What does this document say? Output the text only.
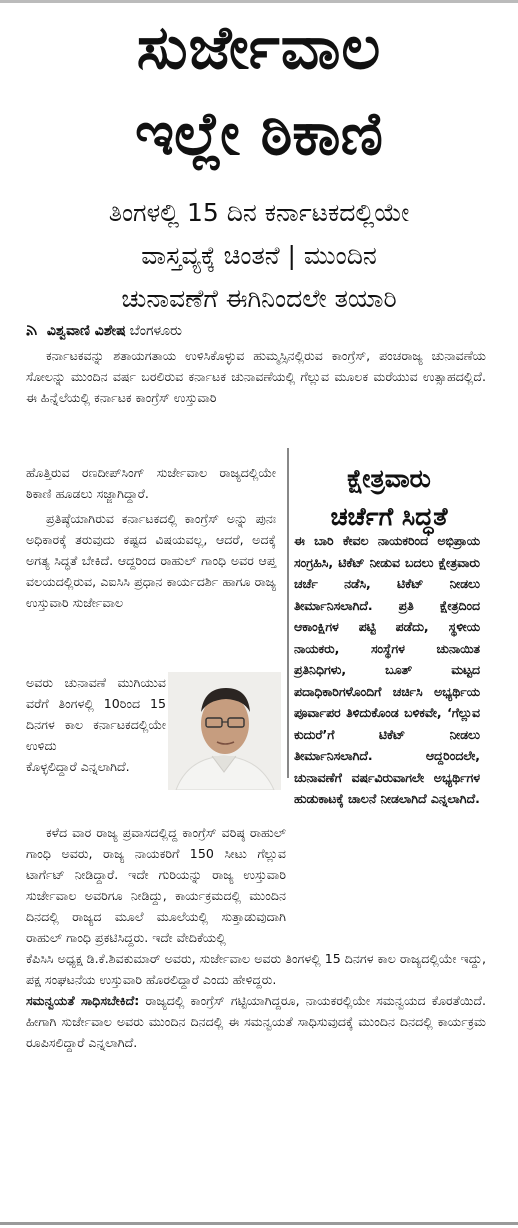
ಸುರ್ಜೇವಾಲ
ಇಲ್ಲೇ ಠಿಕಾಣಿ
ತಿಂಗಳಲ್ಲಿ 15 ದಿನ ಕರ್ನಾಟಕದಲ್ಲಿಯೇ
ವಾಸ್ತವ್ಯಕ್ಕೆ ಚಿಂತನೆ | ಮುಂದಿನ
ಚುನಾವಣೆಗೆ ಈಗಿನಿಂದಲೇ ತಯಾರಿ
ವಿಶ್ವವಾಣಿ ವಿಶೇಷ ಬೆಂಗಳೂರು

ಕರ್ನಾಟಕವನ್ನು ಶತಾಯಗತಾಯ ಉಳಿಸಿಕೊಳ್ಳುವ ಹುಮ್ಮಸ್ಸಿನಲ್ಲಿರುವ ಕಾಂಗ್ರೆಸ್, ಪಂಚರಾಜ್ಯ ಚುನಾವಣೆಯ ಸೋಲನ್ನು ಮುಂದಿನ ವರ್ಷ ಬರಲಿರುವ ಕರ್ನಾಟಕ ಚುನಾವಣೆಯಲ್ಲಿ ಗೆಲ್ಲುವ ಮೂಲಕ ಮರೆಯುವ ಉತ್ಸಾಹದಲ್ಲಿದೆ. ಈ ಹಿನ್ನೆಲೆಯಲ್ಲಿ ಕರ್ನಾಟಕ ಕಾಂಗ್ರೆಸ್ ಉಸ್ತುವಾರಿ

ಹೊತ್ತಿರುವ ರಣದೀಪ್‌ಸಿಂಗ್ ಸುರ್ಜೇವಾಲ ರಾಜ್ಯದಲ್ಲಿಯೇ ಠಿಕಾಣಿ ಹೂಡಲು ಸಜ್ಜಾಗಿದ್ದಾರೆ.

ಪ್ರತಿಷ್ಠೆಯಾಗಿರುವ ಕರ್ನಾಟಕದಲ್ಲಿ ಕಾಂಗ್ರೆಸ್ ಅನ್ನು ಪುನಃ ಅಧಿಕಾರಕ್ಕೆ ತರುವುದು ಕಷ್ಟದ ವಿಷಯವಲ್ಲ, ಆದರೆ, ಅದಕ್ಕೆ ಅಗತ್ಯ ಸಿದ್ಧತೆ ಬೇಕಿದೆ. ಆದ್ದರಿಂದ ರಾಹುಲ್ ಗಾಂಧಿ ಅವರ ಆಪ್ತ ವಲಯದಲ್ಲಿರುವ, ಎಐಸಿಸಿ ಪ್ರಧಾನ ಕಾರ್ಯದರ್ಶಿ ಹಾಗೂ ರಾಜ್ಯ ಉಸ್ತುವಾರಿ ಸುರ್ಜೇವಾಲ

ಅವರು ಚುನಾವಣೆ ಮುಗಿಯುವ ವರೆಗೆ ತಿಂಗಳಲ್ಲಿ 10ರಿಂದ 15 ದಿನಗಳ ಕಾಲ ಕರ್ನಾಟಕದಲ್ಲಿಯೇ ಉಳಿದು

ಕೊಳ್ಳಲಿದ್ದಾರೆ ಎನ್ನಲಾಗಿದೆ.

ಕ್ಷೇತ್ರವಾರು
ಚರ್ಚೆಗೆ ಸಿದ್ಧತೆ
ಈ ಬಾರಿ ಕೇವಲ ನಾಯಕರಿಂದ ಅಭಿಪ್ರಾಯ ಸಂಗ್ರಹಿಸಿ, ಟಿಕೆಟ್ ನೀಡುವ ಬದಲು ಕ್ಷೇತ್ರವಾರು ಚರ್ಚೆ ನಡೆಸಿ, ಟಿಕೆಟ್ ನೀಡಲು ತೀರ್ಮಾನಿಸಲಾಗಿದೆ. ಪ್ರತಿ ಕ್ಷೇತ್ರದಿಂದ ಆಕಾಂಕ್ಷಿಗಳ ಪಟ್ಟಿ ಪಡೆದು, ಸ್ಥಳೀಯ ನಾಯಕರು, ಸಂಸ್ಥೆಗಳ ಚುನಾಯಿತ ಪ್ರತಿನಿಧಿಗಳು, ಬೂತ್ ಮಟ್ಟದ ಪದಾಧಿಕಾರಿಗಳೊಂದಿಗೆ ಚರ್ಚಿಸಿ ಅಭ್ಯರ್ಥಿಯ ಪೂರ್ವಾಪರ ತಿಳಿದುಕೊಂಡ ಬಳಿಕವೇ, ‘ಗೆಲ್ಲುವ ಕುದುರೆ’ಗೆ ಟಿಕೆಟ್ ನೀಡಲು ತೀರ್ಮಾನಿಸಲಾಗಿದೆ. ಆದ್ದರಿಂದಲೇ, ಚುನಾವಣೆಗೆ ವರ್ಷವಿರುವಾಗಲೇ ಅಭ್ಯರ್ಥಿಗಳ ಹುಡುಕಾಟಕ್ಕೆ ಚಾಲನೆ ನೀಡಲಾಗಿದೆ ಎನ್ನಲಾಗಿದೆ.

ಕಳೆದ ವಾರ ರಾಜ್ಯ ಪ್ರವಾಸದಲ್ಲಿದ್ದ ಕಾಂಗ್ರೆಸ್ ವರಿಷ್ಠ ರಾಹುಲ್ ಗಾಂಧಿ ಅವರು, ರಾಜ್ಯ ನಾಯಕರಿಗೆ 150 ಸೀಟು ಗೆಲ್ಲುವ ಟಾರ್ಗೆಟ್ ನೀಡಿದ್ದಾರೆ. ಇದೇ ಗುರಿಯನ್ನು ರಾಜ್ಯ ಉಸ್ತುವಾರಿ ಸುರ್ಜೇವಾಲ ಅವರಿಗೂ ನೀಡಿದ್ದು, ಕಾರ್ಯಕ್ರಮದಲ್ಲಿ ಮುಂದಿನ ದಿನದಲ್ಲಿ ರಾಜ್ಯದ ಮೂಲೆ ಮೂಲೆಯಲ್ಲಿ ಸುತ್ತಾಡುವುದಾಗಿ ರಾಹುಲ್ ಗಾಂಧಿ ಪ್ರಕಟಿಸಿದ್ದರು. ಇದೇ ವೇದಿಕೆಯಲ್ಲಿ

ಕೆಪಿಸಿಸಿ ಅಧ್ಯಕ್ಷ ಡಿ.ಕೆ.ಶಿವಕುಮಾರ್ ಅವರು, ಸುರ್ಜೇವಾಲ ಅವರು ತಿಂಗಳಲ್ಲಿ 15 ದಿನಗಳ ಕಾಲ ರಾಜ್ಯದಲ್ಲಿಯೇ ಇದ್ದು, ಪಕ್ಷ ಸಂಘಟನೆಯ ಉಸ್ತುವಾರಿ ಹೊರಲಿದ್ದಾರೆ ಎಂದು ಹೇಳಿದ್ದರು.

ಸಮನ್ವಯತೆ ಸಾಧಿಸಬೇಕಿದೆ: ರಾಜ್ಯದಲ್ಲಿ ಕಾಂಗ್ರೆಸ್ ಗಟ್ಟಿಯಾಗಿದ್ದರೂ, ನಾಯಕರಲ್ಲಿಯೇ ಸಮನ್ವಯದ ಕೊರತೆಯಿದೆ. ಹೀಗಾಗಿ ಸುರ್ಜೇವಾಲ ಅವರು ಮುಂದಿನ ದಿನದಲ್ಲಿ ಈ ಸಮನ್ವಯತೆ ಸಾಧಿಸುವುದಕ್ಕೆ ಮುಂದಿನ ದಿನದಲ್ಲಿ ಕಾರ್ಯಕ್ರಮ ರೂಪಿಸಲಿದ್ದಾರೆ ಎನ್ನಲಾಗಿದೆ.
